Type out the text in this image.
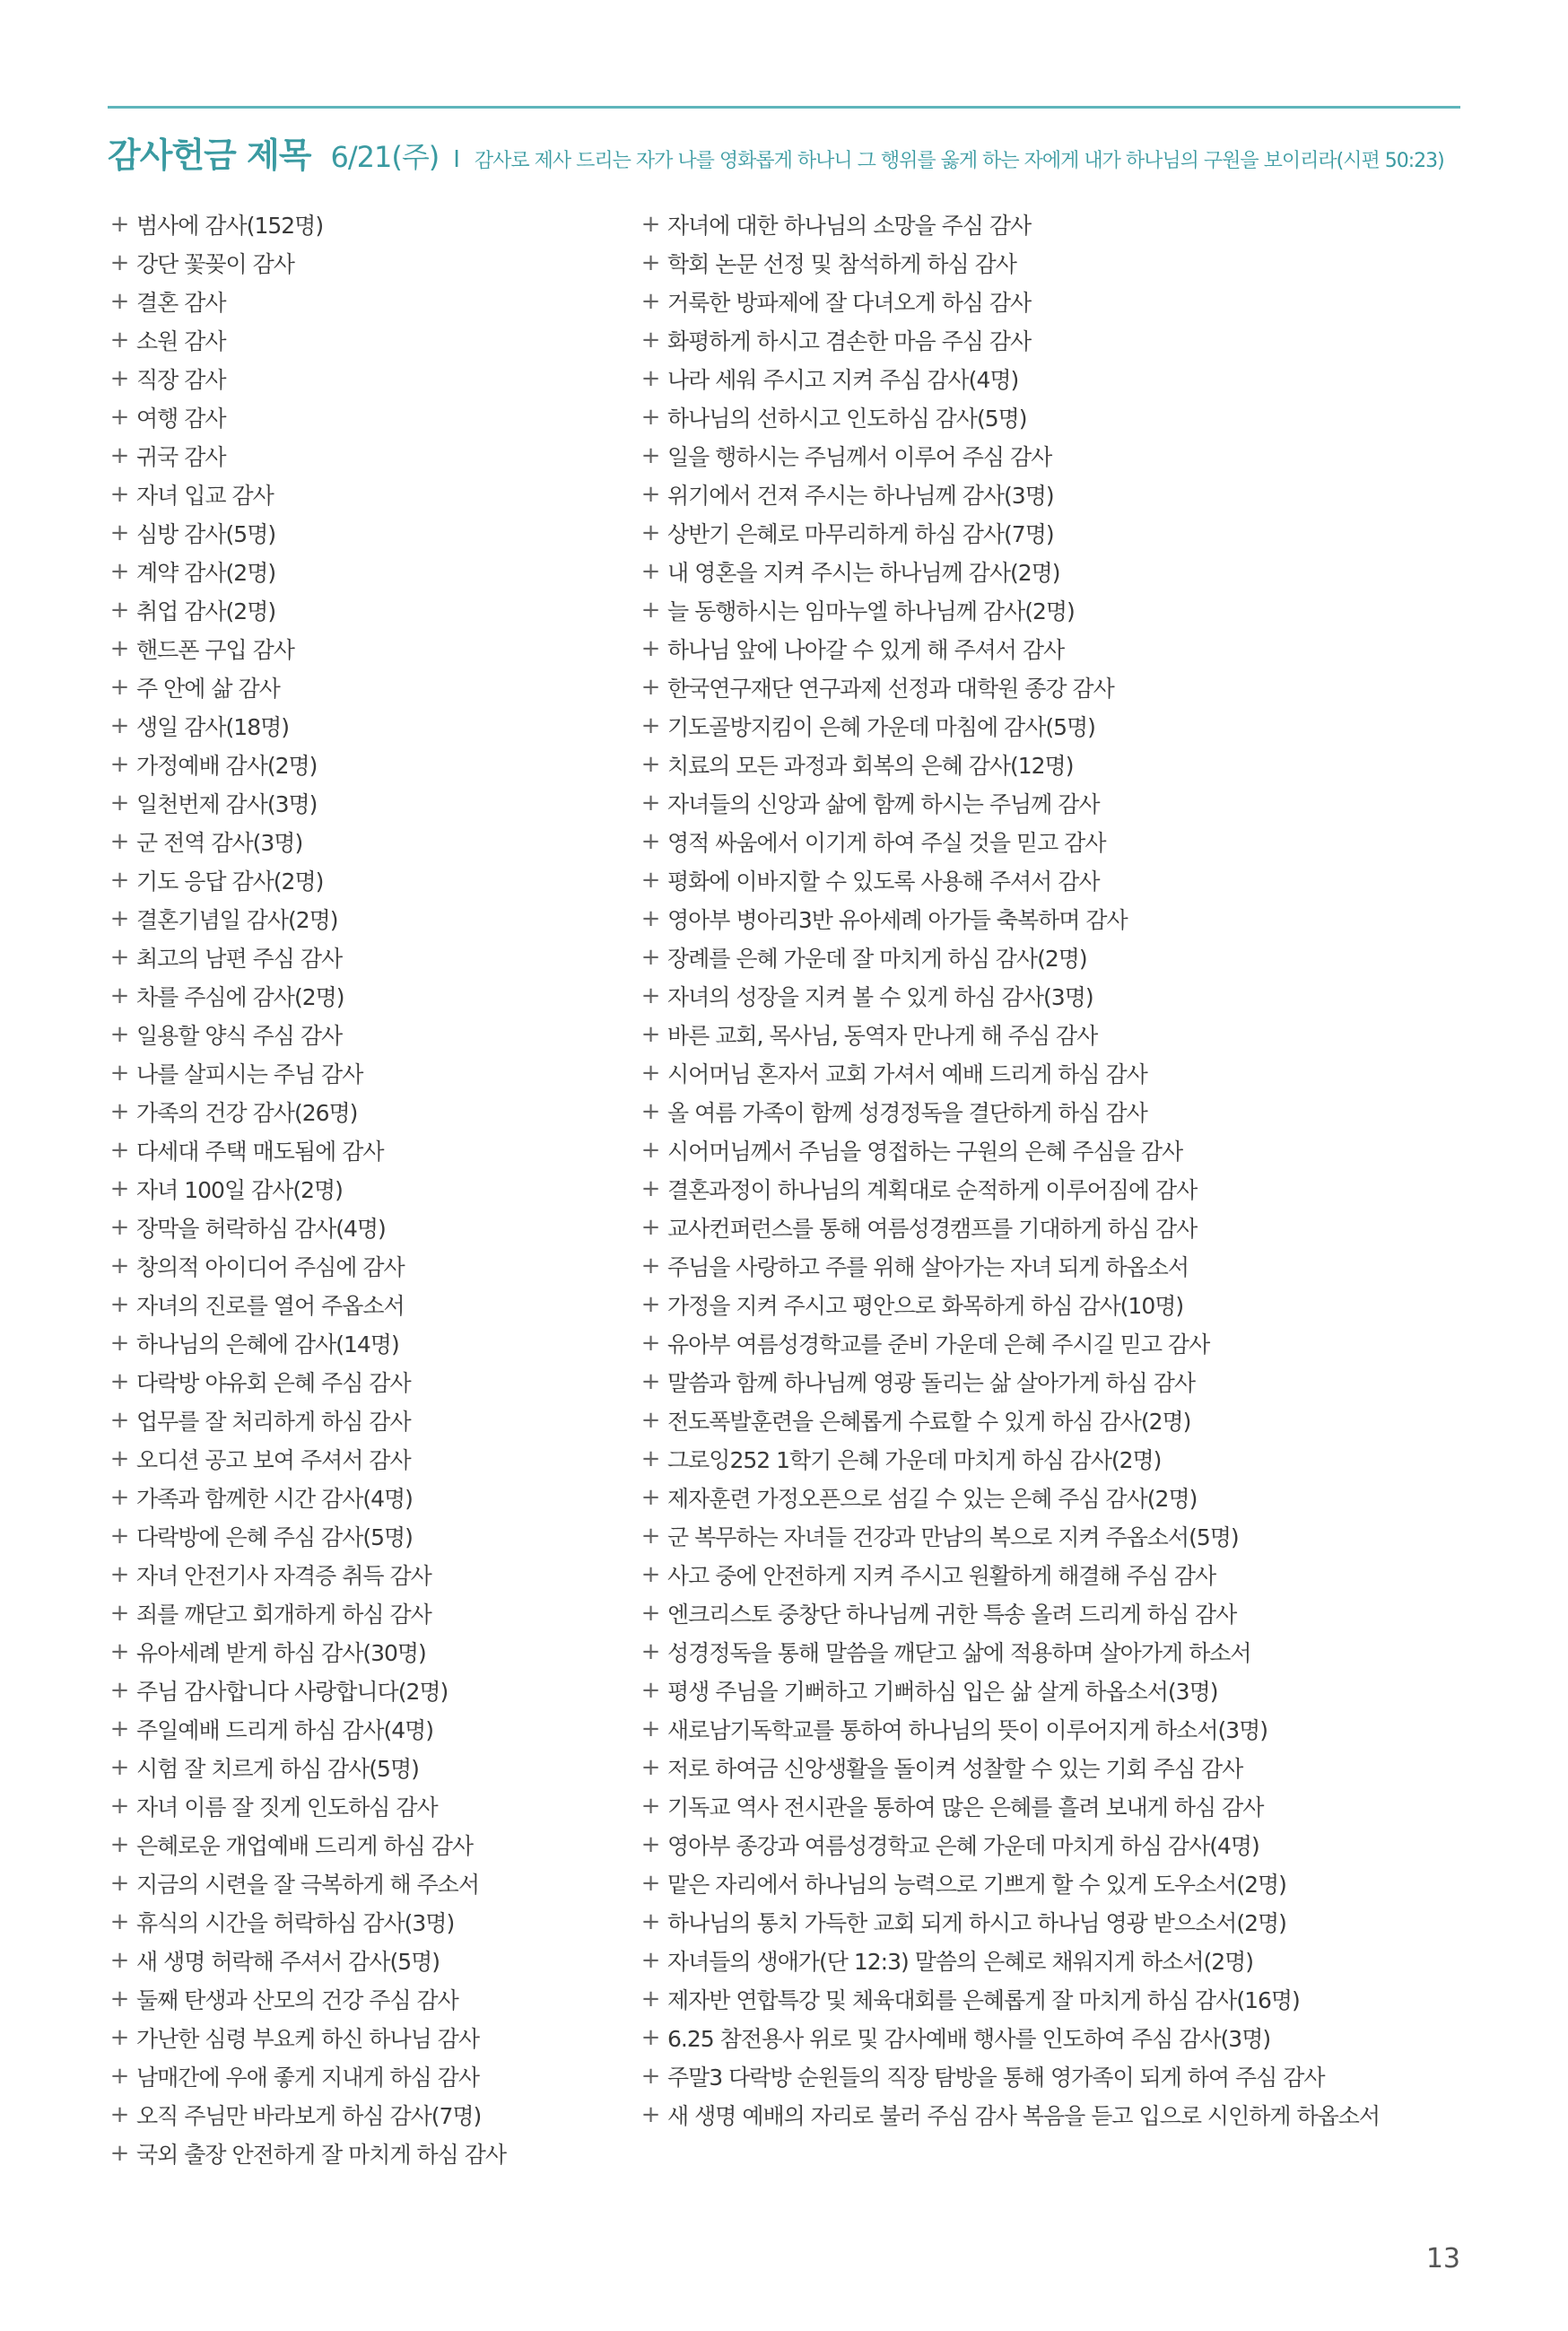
감사헌금 제목 6/21(주) I 감사로 제사 드리는 자가 나를 영화롭게 하나니 그 행위를 옳게 하는 자에게 내가 하나님의 구원을 보이리라(시편 50:23)
+ 범사에 감사(152명)
+ 강단 꽃꽂이 감사
+ 결혼 감사
+ 소원 감사
+ 직장 감사
+ 여행 감사
+ 귀국 감사
+ 자녀 입교 감사
+ 심방 감사(5명)
+ 계약 감사(2명)
+ 취업 감사(2명)
+ 핸드폰 구입 감사
+ 주 안에 삶 감사
+ 생일 감사(18명)
+ 가정예배 감사(2명)
+ 일천번제 감사(3명)
+ 군 전역 감사(3명)
+ 기도 응답 감사(2명)
+ 결혼기념일 감사(2명)
+ 최고의 남편 주심 감사
+ 차를 주심에 감사(2명)
+ 일용할 양식 주심 감사
+ 나를 살피시는 주님 감사
+ 가족의 건강 감사(26명)
+ 다세대 주택 매도됨에 감사
+ 자녀 100일 감사(2명)
+ 장막을 허락하심 감사(4명)
+ 창의적 아이디어 주심에 감사
+ 자녀의 진로를 열어 주옵소서
+ 하나님의 은혜에 감사(14명)
+ 다락방 야유회 은혜 주심 감사
+ 업무를 잘 처리하게 하심 감사
+ 오디션 공고 보여 주셔서 감사
+ 가족과 함께한 시간 감사(4명)
+ 다락방에 은혜 주심 감사(5명)
+ 자녀 안전기사 자격증 취득 감사
+ 죄를 깨닫고 회개하게 하심 감사
+ 유아세례 받게 하심 감사(30명)
+ 주님 감사합니다 사랑합니다(2명)
+ 주일예배 드리게 하심 감사(4명)
+ 시험 잘 치르게 하심 감사(5명)
+ 자녀 이름 잘 짓게 인도하심 감사
+ 은혜로운 개업예배 드리게 하심 감사
+ 지금의 시련을 잘 극복하게 해 주소서
+ 휴식의 시간을 허락하심 감사(3명)
+ 새 생명 허락해 주셔서 감사(5명)
+ 둘째 탄생과 산모의 건강 주심 감사
+ 가난한 심령 부요케 하신 하나님 감사
+ 남매간에 우애 좋게 지내게 하심 감사
+ 오직 주님만 바라보게 하심 감사(7명)
+ 국외 출장 안전하게 잘 마치게 하심 감사
+ 자녀에 대한 하나님의 소망을 주심 감사
+ 학회 논문 선정 및 참석하게 하심 감사
+ 거룩한 방파제에 잘 다녀오게 하심 감사
+ 화평하게 하시고 겸손한 마음 주심 감사
+ 나라 세워 주시고 지켜 주심 감사(4명)
+ 하나님의 선하시고 인도하심 감사(5명)
+ 일을 행하시는 주님께서 이루어 주심 감사
+ 위기에서 건져 주시는 하나님께 감사(3명)
+ 상반기 은혜로 마무리하게 하심 감사(7명)
+ 내 영혼을 지켜 주시는 하나님께 감사(2명)
+ 늘 동행하시는 임마누엘 하나님께 감사(2명)
+ 하나님 앞에 나아갈 수 있게 해 주셔서 감사
+ 한국연구재단 연구과제 선정과 대학원 종강 감사
+ 기도골방지킴이 은혜 가운데 마침에 감사(5명)
+ 치료의 모든 과정과 회복의 은혜 감사(12명)
+ 자녀들의 신앙과 삶에 함께 하시는 주님께 감사
+ 영적 싸움에서 이기게 하여 주실 것을 믿고 감사
+ 평화에 이바지할 수 있도록 사용해 주셔서 감사
+ 영아부 병아리3반 유아세례 아가들 축복하며 감사
+ 장례를 은혜 가운데 잘 마치게 하심 감사(2명)
+ 자녀의 성장을 지켜 볼 수 있게 하심 감사(3명)
+ 바른 교회, 목사님, 동역자 만나게 해 주심 감사
+ 시어머님 혼자서 교회 가셔서 예배 드리게 하심 감사
+ 올 여름 가족이 함께 성경정독을 결단하게 하심 감사
+ 시어머님께서 주님을 영접하는 구원의 은혜 주심을 감사
+ 결혼과정이 하나님의 계획대로 순적하게 이루어짐에 감사
+ 교사컨퍼런스를 통해 여름성경캠프를 기대하게 하심 감사
+ 주님을 사랑하고 주를 위해 살아가는 자녀 되게 하옵소서
+ 가정을 지켜 주시고 평안으로 화목하게 하심 감사(10명)
+ 유아부 여름성경학교를 준비 가운데 은혜 주시길 믿고 감사
+ 말씀과 함께 하나님께 영광 돌리는 삶 살아가게 하심 감사
+ 전도폭발훈련을 은혜롭게 수료할 수 있게 하심 감사(2명)
+ 그로잉252 1학기 은혜 가운데 마치게 하심 감사(2명)
+ 제자훈련 가정오픈으로 섬길 수 있는 은혜 주심 감사(2명)
+ 군 복무하는 자녀들 건강과 만남의 복으로 지켜 주옵소서(5명)
+ 사고 중에 안전하게 지켜 주시고 원활하게 해결해 주심 감사
+ 엔크리스토 중창단 하나님께 귀한 특송 올려 드리게 하심 감사
+ 성경정독을 통해 말씀을 깨닫고 삶에 적용하며 살아가게 하소서
+ 평생 주님을 기뻐하고 기뻐하심 입은 삶 살게 하옵소서(3명)
+ 새로남기독학교를 통하여 하나님의 뜻이 이루어지게 하소서(3명)
+ 저로 하여금 신앙생활을 돌이켜 성찰할 수 있는 기회 주심 감사
+ 기독교 역사 전시관을 통하여 많은 은혜를 흘려 보내게 하심 감사
+ 영아부 종강과 여름성경학교 은혜 가운데 마치게 하심 감사(4명)
+ 맡은 자리에서 하나님의 능력으로 기쁘게 할 수 있게 도우소서(2명)
+ 하나님의 통치 가득한 교회 되게 하시고 하나님 영광 받으소서(2명)
+ 자녀들의 생애가(단 12:3) 말씀의 은혜로 채워지게 하소서(2명)
+ 제자반 연합특강 및 체육대회를 은혜롭게 잘 마치게 하심 감사(16명)
+ 6.25 참전용사 위로 및 감사예배 행사를 인도하여 주심 감사(3명)
+ 주말3 다락방 순원들의 직장 탐방을 통해 영가족이 되게 하여 주심 감사
+ 새 생명 예배의 자리로 불러 주심 감사 복음을 듣고 입으로 시인하게 하옵소서
13
